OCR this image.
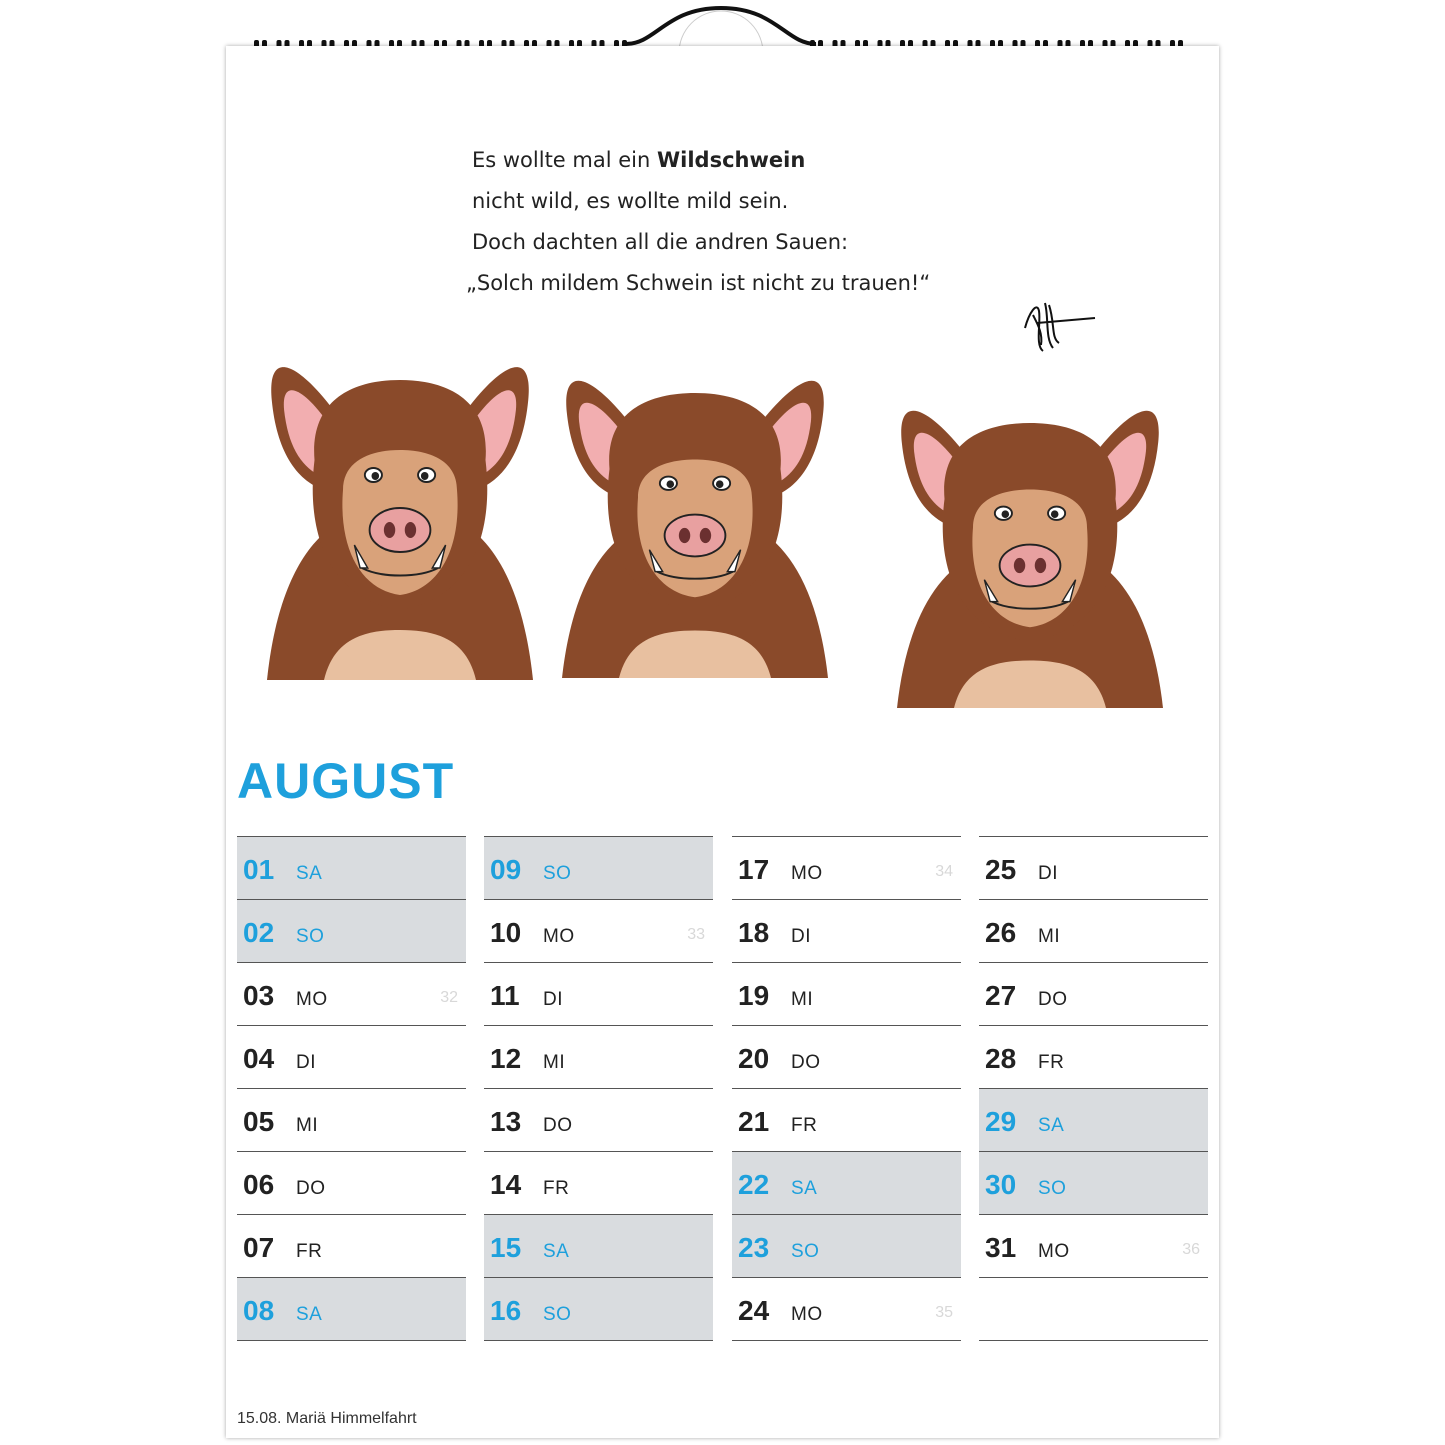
Es wollte mal ein Wildschwein
nicht wild, es wollte mild sein.
Doch dachten all die andren Sauen:
„Solch mildem Schwein ist nicht zu trauen!“
AUGUST
01 SA
02 SO
03 MO	32
04 DI
05 MI
06 DO
07 FR
08 SA
09 SO
10 MO	33
11 DI
12 MI
13 DO
14 FR
15 SA
16 SO
17 MO	34
18 DI
19 MI
20 DO
21 FR
22 SA
23 SO
24 MO	35
25 DI
26 MI
27 DO
28 FR
29 SA
30 SO
31 MO	36
15.08. Mariä Himmelfahrt
